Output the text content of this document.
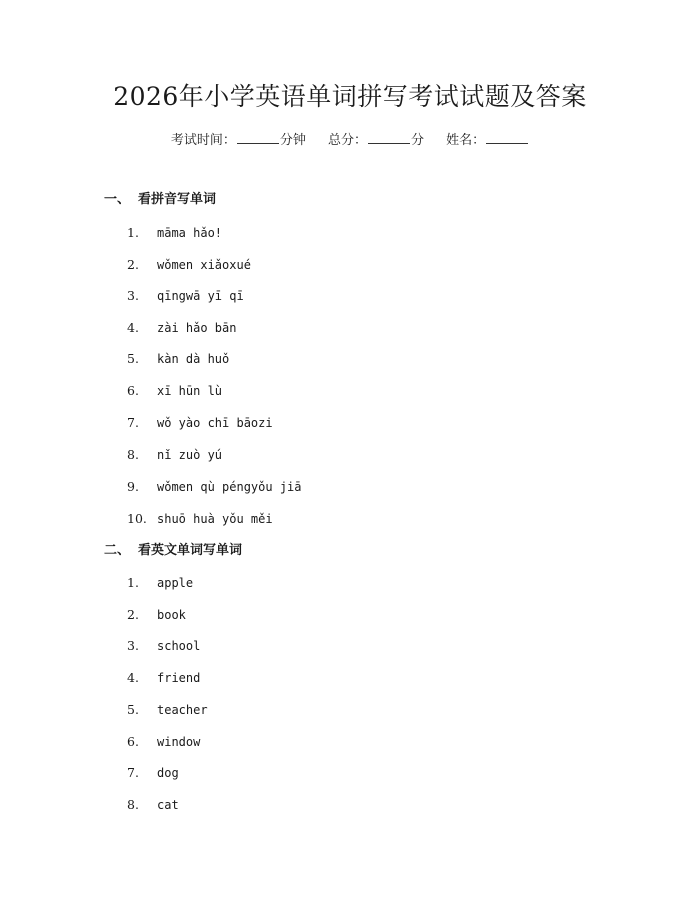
2026年小学英语单词拼写考试试题及答案
考试时间：	分钟 总分：	分 姓名：
一、 看拼音写单词
1. māma hǎo!
2. wǒmen xiǎoxué
3. qīngwā yī qī
4. zài hǎo bān
5. kàn dà huǒ
6. xī hūn lù
7. wǒ yào chī bāozi
8. nǐ zuò yú
9. wǒmen qù péngyǒu jiā
10. shuō huà yǒu měi
二、 看英文单词写单词
1. apple
2. book
3. school
4. friend
5. teacher
6. window
7. dog
8. cat
